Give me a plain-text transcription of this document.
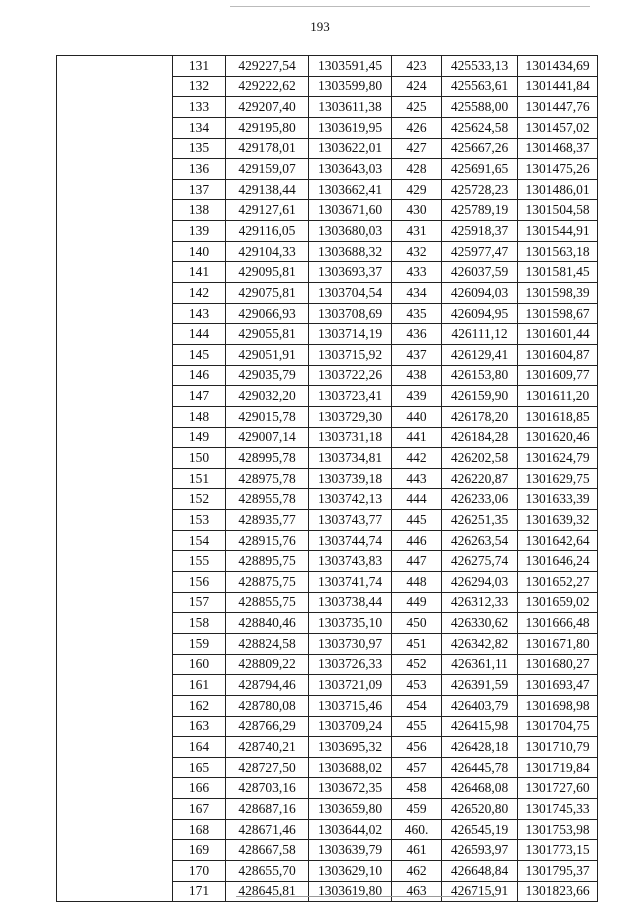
193
	131	429227,54	1303591,45	423	425533,13	1301434,69
	132	429222,62	1303599,80	424	425563,61	1301441,84
	133	429207,40	1303611,38	425	425588,00	1301447,76
	134	429195,80	1303619,95	426	425624,58	1301457,02
	135	429178,01	1303622,01	427	425667,26	1301468,37
	136	429159,07	1303643,03	428	425691,65	1301475,26
	137	429138,44	1303662,41	429	425728,23	1301486,01
	138	429127,61	1303671,60	430	425789,19	1301504,58
	139	429116,05	1303680,03	431	425918,37	1301544,91
	140	429104,33	1303688,32	432	425977,47	1301563,18
	141	429095,81	1303693,37	433	426037,59	1301581,45
	142	429075,81	1303704,54	434	426094,03	1301598,39
	143	429066,93	1303708,69	435	426094,95	1301598,67
	144	429055,81	1303714,19	436	426111,12	1301601,44
	145	429051,91	1303715,92	437	426129,41	1301604,87
	146	429035,79	1303722,26	438	426153,80	1301609,77
	147	429032,20	1303723,41	439	426159,90	1301611,20
	148	429015,78	1303729,30	440	426178,20	1301618,85
	149	429007,14	1303731,18	441	426184,28	1301620,46
	150	428995,78	1303734,81	442	426202,58	1301624,79
	151	428975,78	1303739,18	443	426220,87	1301629,75
	152	428955,78	1303742,13	444	426233,06	1301633,39
	153	428935,77	1303743,77	445	426251,35	1301639,32
	154	428915,76	1303744,74	446	426263,54	1301642,64
	155	428895,75	1303743,83	447	426275,74	1301646,24
	156	428875,75	1303741,74	448	426294,03	1301652,27
	157	428855,75	1303738,44	449	426312,33	1301659,02
	158	428840,46	1303735,10	450	426330,62	1301666,48
	159	428824,58	1303730,97	451	426342,82	1301671,80
	160	428809,22	1303726,33	452	426361,11	1301680,27
	161	428794,46	1303721,09	453	426391,59	1301693,47
	162	428780,08	1303715,46	454	426403,79	1301698,98
	163	428766,29	1303709,24	455	426415,98	1301704,75
	164	428740,21	1303695,32	456	426428,18	1301710,79
	165	428727,50	1303688,02	457	426445,78	1301719,84
	166	428703,16	1303672,35	458	426468,08	1301727,60
	167	428687,16	1303659,80	459	426520,80	1301745,33
	168	428671,46	1303644,02	460.	426545,19	1301753,98
	169	428667,58	1303639,79	461	426593,97	1301773,15
	170	428655,70	1303629,10	462	426648,84	1301795,37
	171	428645,81	1303619,80	463	426715,91	1301823,66
